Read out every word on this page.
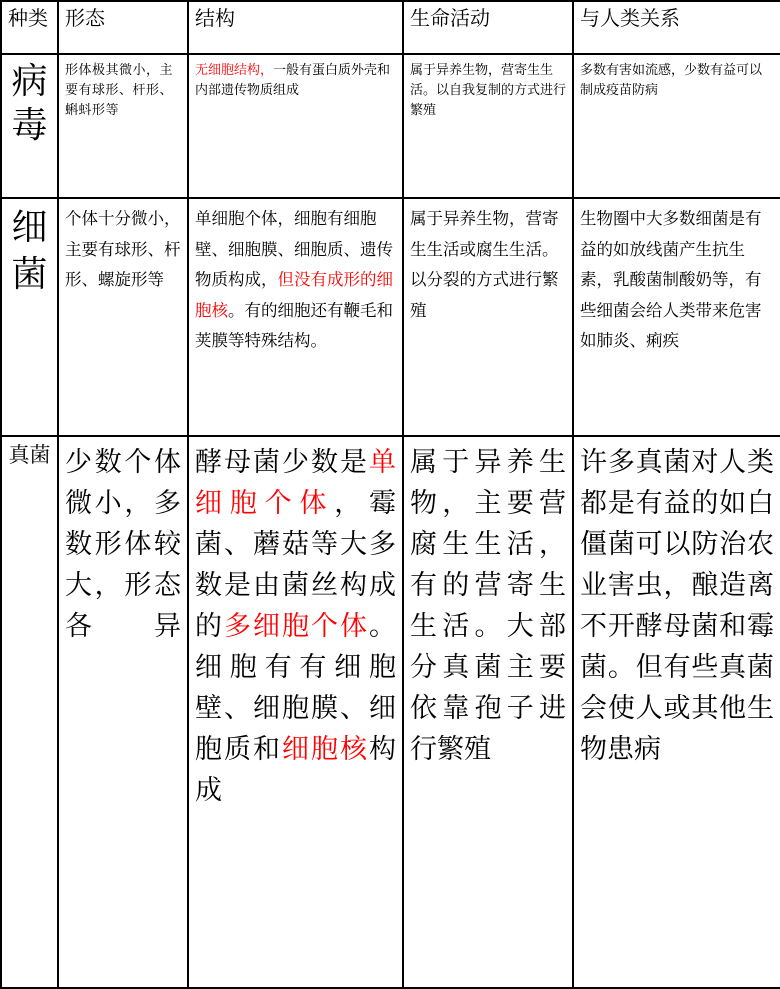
种类	形态	结构	生命活动	与人类关系
病毒	形体极其微小，主要有球形、杆形、蝌蚪形等	无细胞结构，一般有蛋白质外壳和内部遗传物质组成	属于异养生物，营寄生生活。以自我复制的方式进行繁殖	多数有害如流感，少数有益可以制成疫苗防病
细菌	个体十分微小，主要有球形、杆形、螺旋形等	单细胞个体，细胞有细胞壁、细胞膜、细胞质、遗传物质构成，但没有成形的细胞核。有的细胞还有鞭毛和荚膜等特殊结构。	属于异养生物，营寄生生活或腐生生活。以分裂的方式进行繁殖	生物圈中大多数细菌是有益的如放线菌产生抗生素，乳酸菌制酸奶等，有些细菌会给人类带来危害如肺炎、痢疾
真菌	少数个体微小，多数形体较大，形态各异	酵母菌少数是单细胞个体，霉菌、蘑菇等大多数是由菌丝构成的多细胞个体。细胞有有细胞壁、细胞膜、细胞质和细胞核构成	属于异养生物，主要营腐生生活，有的营寄生生活。大部分真菌主要依靠孢子进行繁殖	许多真菌对人类都是有益的如白僵菌可以防治农业害虫，酿造离不开酵母菌和霉菌。但有些真菌会使人或其他生物患病
